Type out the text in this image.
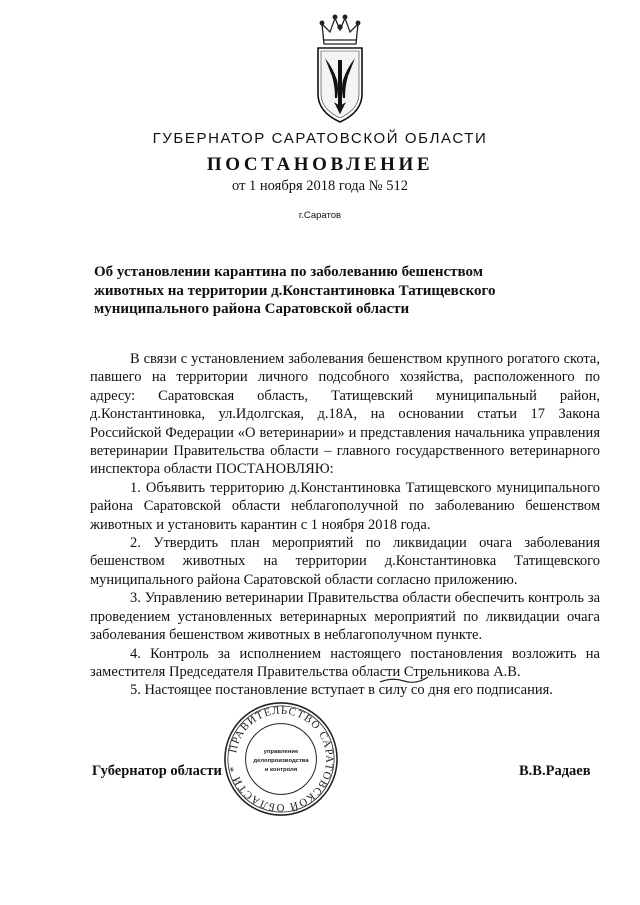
ГУБЕРНАТОР САРАТОВСКОЙ ОБЛАСТИ
ПОСТАНОВЛЕНИЕ
от 1 ноября 2018 года № 512
г.Саратов
Об установлении карантина по заболеванию бешенством
животных на территории д.Константиновка Татищевского
муниципального района Саратовской области

В связи с установлением заболевания бешенством крупного рогатого скота, павшего на территории личного подсобного хозяйства, расположенного по адресу: Саратовская область, Татищевский муниципальный район, д.Константиновка, ул.Идолгская, д.18А, на основании статьи 17 Закона Российской Федерации «О ветеринарии» и представления начальника управления ветеринарии Правительства области – главного государственного ветеринарного инспектора области ПОСТАНОВЛЯЮ:

1. Объявить территорию д.Константиновка Татищевского муниципального района Саратовской области неблагополучной по заболеванию бешенством животных и установить карантин с 1 ноября 2018 года.

2. Утвердить план мероприятий по ликвидации очага заболевания бешенством животных на территории д.Константиновка Татищевского муниципального района Саратовской области согласно приложению.

3. Управлению ветеринарии Правительства области обеспечить контроль за проведением установленных ветеринарных мероприятий по ликвидации очага заболевания бешенством животных в неблагополучном пункте.

4. Контроль за исполнением настоящего постановления возложить на заместителя Председателя Правительства области Стрельникова А.В.

5. Настоящее постановление вступает в силу со дня его подписания.

Губернатор области	В.В.Радаев
ПРАВИТЕЛЬСТВО САРАТОВСКОЙ ОБЛАСТИ *
управление
делопроизводства
и контроля
